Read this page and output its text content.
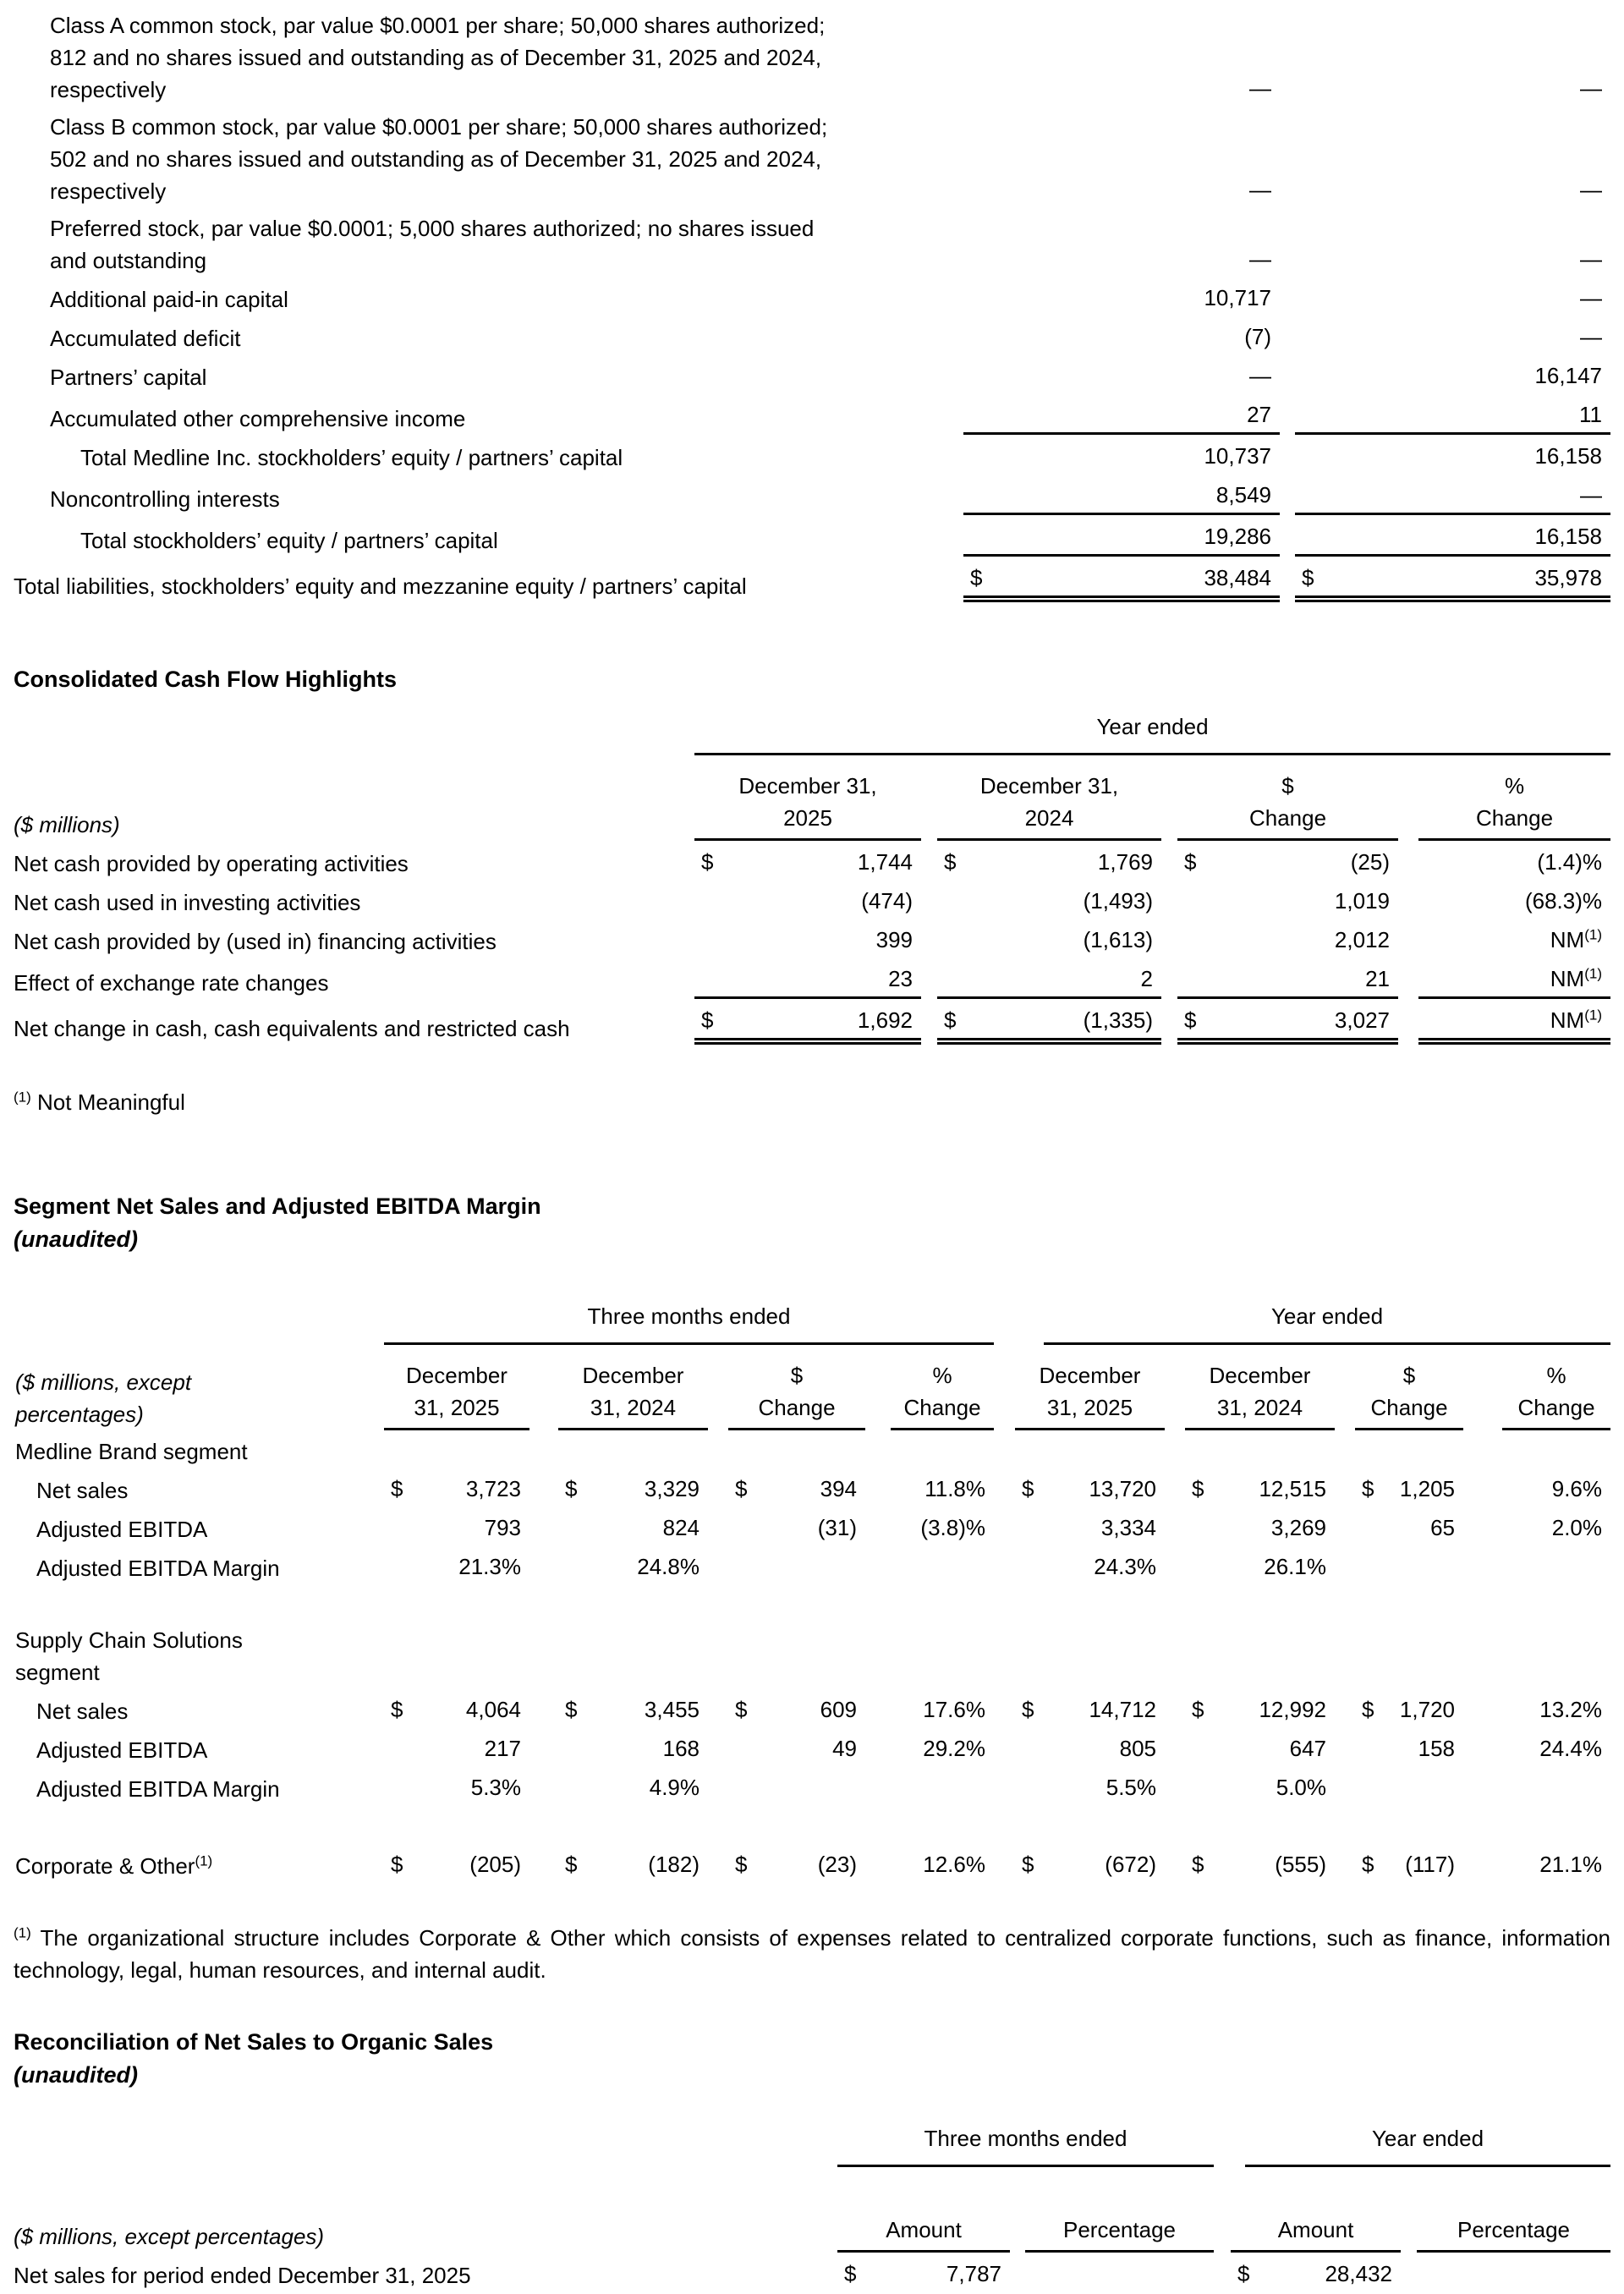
Class A common stock, par value $0.0001 per share; 50,000 shares authorized; 812 and no shares issued and outstanding as of December 31, 2025 and 2024, respectively	—	—

Class B common stock, par value $0.0001 per share; 50,000 shares authorized; 502 and no shares issued and outstanding as of December 31, 2025 and 2024, respectively	—	—

Preferred stock, par value $0.0001; 5,000 shares authorized; no shares issued and outstanding	—	—

Additional paid-in capital	10,717	—

Accumulated deficit	(7)	—

Partners’ capital	—	16,147

Accumulated other comprehensive income	27	11

Total Medline Inc. stockholders’ equity / partners’ capital	10,737	16,158

Noncontrolling interests	8,549	—

Total stockholders’ equity / partners’ capital	19,286	16,158

Total liabilities, stockholders’ equity and mezzanine equity / partners’ capital	$ 38,484	$ 35,978
Consolidated Cash Flow Highlights

	Year ended			

($ millions)	
December 31,
2025

December 31,
2024

$
Change

%
Change

Net cash provided by operating activities	$ 1,744	$ 1,769	$ (25)	(1.4)%

Net cash used in investing activities	(474)	(1,493)	1,019	(68.3)%

Net cash provided by (used in) financing activities	399	(1,613)	2,012	NM$^{(1)}$

Effect of exchange rate changes	23	2	21	NM$^{(1)}$

Net change in cash, cash equivalents and restricted cash	$ 1,692	$ (1,335)	$ 3,027	NM$^{(1)}$

$^{(1)}$ Not Meaningful

Segment Net Sales and Adjusted EBITDA Margin
(unaudited)

	Three months ended				Year ended			

($ millions, except percentages)	
December
31, 2025

December
31, 2024

$
Change

%
Change

December
31, 2025

December
31, 2024

$
Change

%
Change

Medline Brand segment	

Net sales	$ 3,723	$ 3,329	$ 394	11.8%	$ 13,720	$ 12,515	$ 1,205	9.6%

Adjusted EBITDA	793	824	(31)	(3.8)%	3,334	3,269	65	2.0%

Adjusted EBITDA Margin	21.3%	24.8%			24.3%	26.1%		

Supply Chain Solutions segment	

Net sales	$ 4,064	$ 3,455	$ 609	17.6%	$ 14,712	$ 12,992	$ 1,720	13.2%

Adjusted EBITDA	217	168	49	29.2%	805	647	158	24.4%

Adjusted EBITDA Margin	5.3%	4.9%			5.5%	5.0%		

Corporate & Other$^{(1)}$	$ (205)	$ (182)	$ (23)	12.6%	$ (672)	$ (555)	$ (117)	21.1%

$^{(1)}$ The organizational structure includes Corporate & Other which consists of expenses related to centralized corporate functions, such as finance, information technology, legal, human resources, and internal audit.

Reconciliation of Net Sales to Organic Sales
(unaudited)

	Three months ended		Year ended	

($ millions, except percentages)	Amount	Percentage	Amount	Percentage

Net sales for period ended December 31, 2025	$ 7,787		$ 28,432	
